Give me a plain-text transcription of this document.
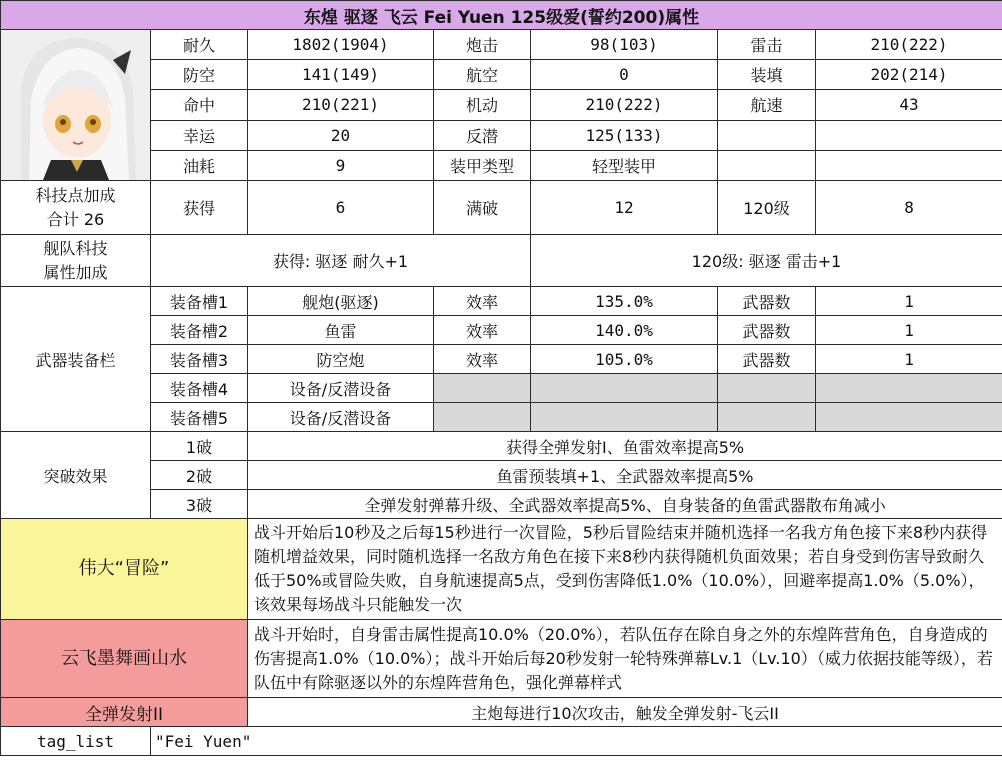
东煌 驱逐 飞云 Fei Yuen 125级爱(誓约200)属性						

	耐久	1802(1904)	炮击	98(103)	雷击	210(222)
	防空	141(149)	航空	0	装填	202(214)
	命中	210(221)	机动	210(222)	航速	43
	幸运	20	反潜	125(133)		
	油耗	9	装甲类型	轻型装甲		
科技点加成
合计 26	获得	6	满破	12	120级	8
舰队科技
属性加成	获得: 驱逐 耐久+1			120级: 驱逐 雷击+1		
武器装备栏	装备槽1	舰炮(驱逐)	效率	135.0%	武器数	1
	装备槽2	鱼雷	效率	140.0%	武器数	1
	装备槽3	防空炮	效率	105.0%	武器数	1
	装备槽4	设备/反潜设备				
	装备槽5	设备/反潜设备				
突破效果	1破	获得全弹发射I、鱼雷效率提高5%				
	2破	鱼雷预装填+1、全武器效率提高5%				
	3破	全弹发射弹幕升级、全武器效率提高5%、自身装备的鱼雷武器散布角减小				
伟大“冒险”		战斗开始后10秒及之后每15秒进行一次冒险，5秒后冒险结束并随机选择一名我方角色接下来8秒内获得随机增益效果，同时随机选择一名敌方角色在接下来8秒内获得随机负面效果；若自身受到伤害导致耐久低于50%或冒险失败，自身航速提高5点，受到伤害降低1.0%（10.0%），回避率提高1.0%（5.0%），该效果每场战斗只能触发一次				
云飞墨舞画山水		战斗开始时，自身雷击属性提高10.0%（20.0%），若队伍存在除自身之外的东煌阵营角色，自身造成的伤害提高1.0%（10.0%）；战斗开始后每20秒发射一轮特殊弹幕Lv.1（Lv.10）（威力依据技能等级），若队伍中有除驱逐以外的东煌阵营角色，强化弹幕样式				
全弹发射II		主炮每进行10次攻击，触发全弹发射-飞云II				
tag_list	"Fei Yuen"					
